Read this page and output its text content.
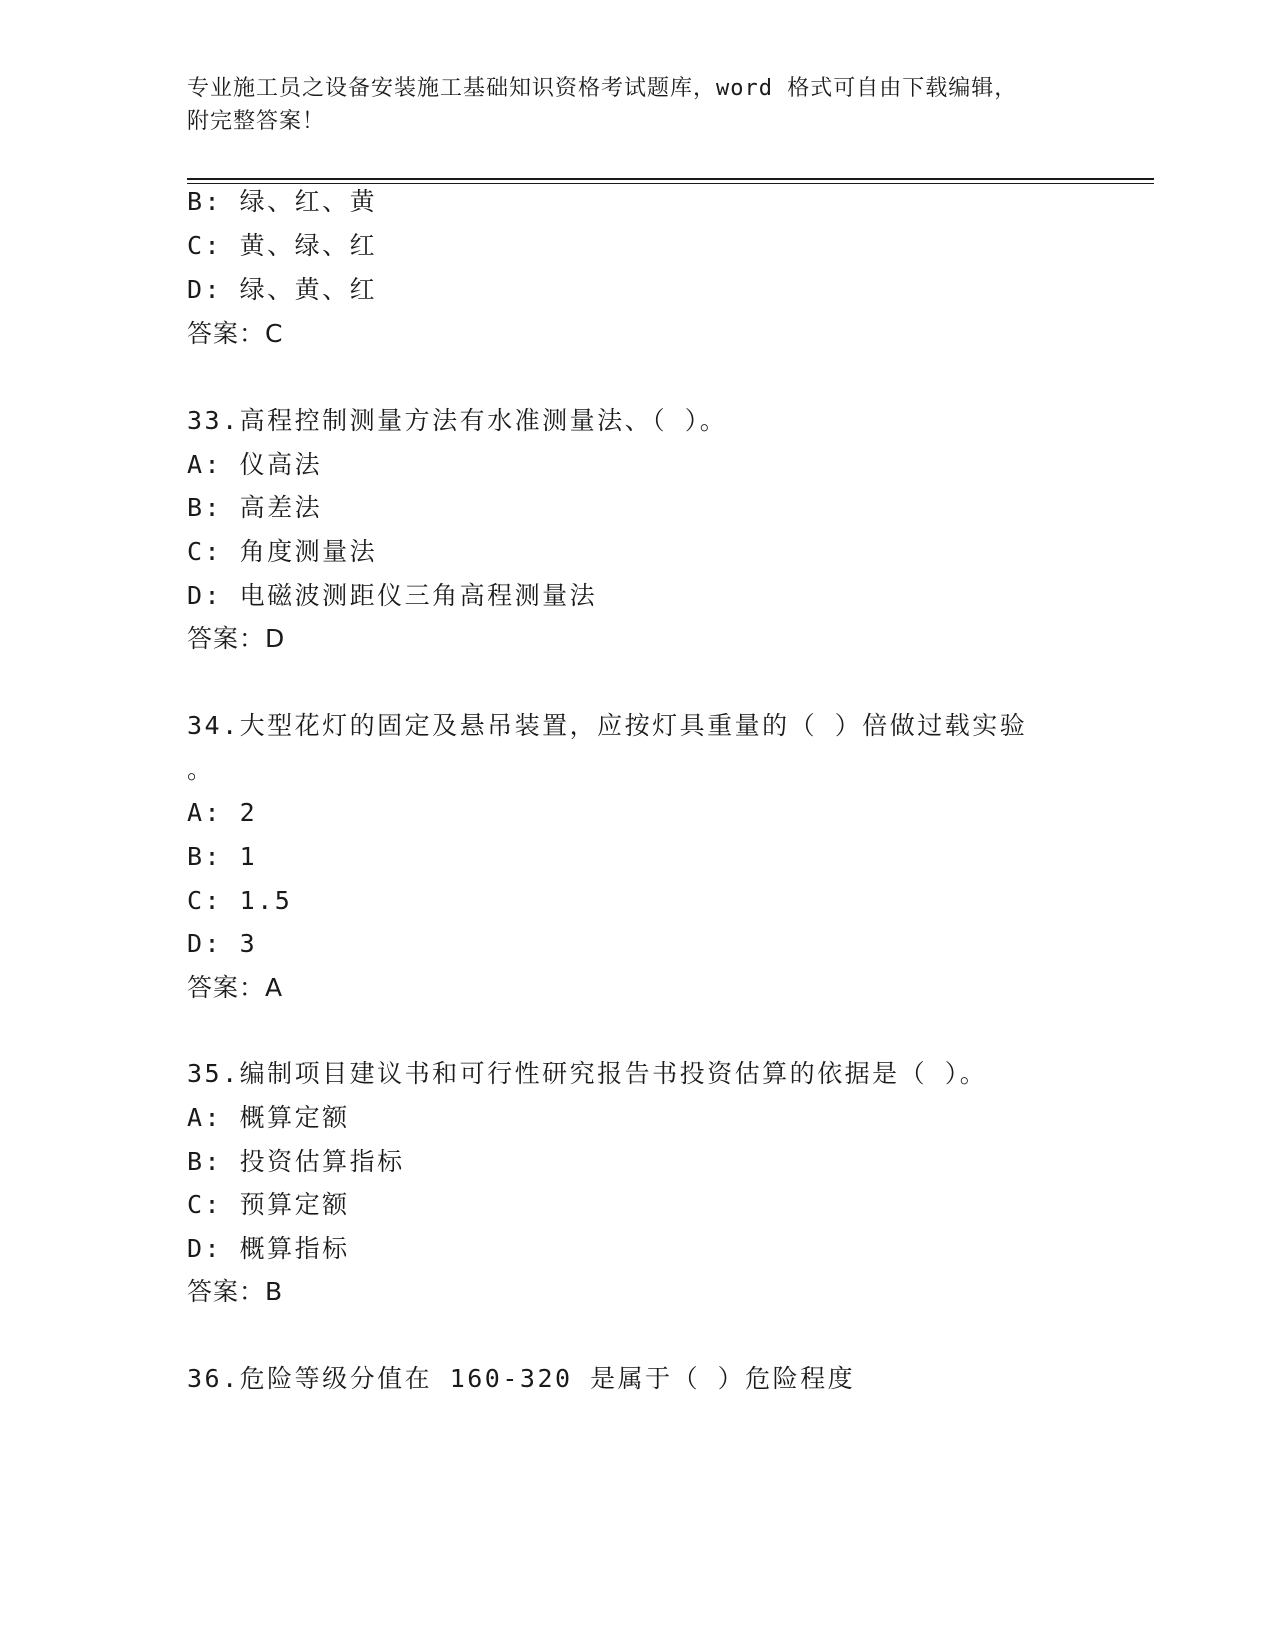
专业施工员之设备安装施工基础知识资格考试题库，word 格式可自由下载编辑，
附完整答案！
B: 绿、红、黄
C: 黄、绿、红
D: 绿、黄、红
答案：C
33.高程控制测量方法有水准测量法、（ ）。
A: 仪高法
B: 高差法
C: 角度测量法
D: 电磁波测距仪三角高程测量法
答案：D
34.大型花灯的固定及悬吊装置，应按灯具重量的（ ）倍做过载实验
。
A: 2
B: 1
C: 1.5
D: 3
答案：A
35.编制项目建议书和可行性研究报告书投资估算的依据是（ ）。
A: 概算定额
B: 投资估算指标
C: 预算定额
D: 概算指标
答案：B
36.危险等级分值在 160-320 是属于（ ）危险程度
